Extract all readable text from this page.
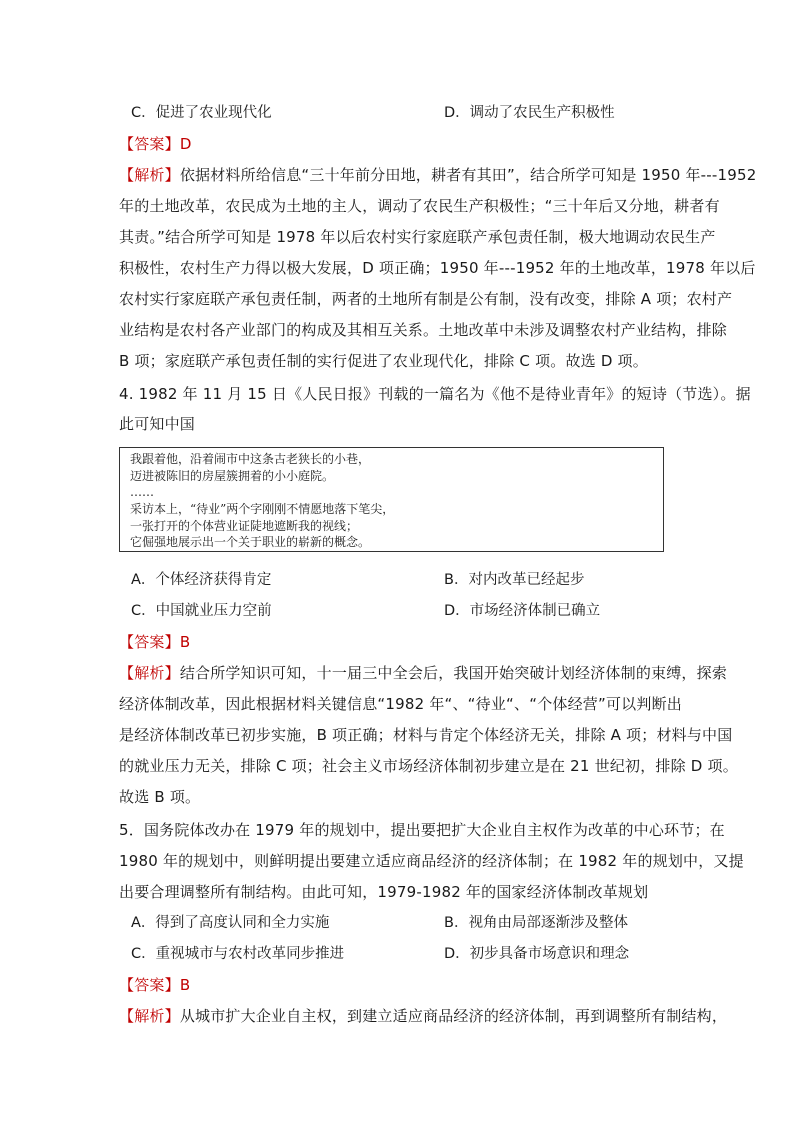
C．促进了农业现代化	D．调动了农民生产积极性
【答案】D
【解析】依据材料所给信息“三十年前分田地，耕者有其田”，结合所学可知是 1950 年---1952
年的土地改革，农民成为土地的主人，调动了农民生产积极性；“三十年后又分地，耕者有
其责。”结合所学可知是 1978 年以后农村实行家庭联产承包责任制，极大地调动农民生产
积极性，农村生产力得以极大发展，D 项正确；1950 年---1952 年的土地改革，1978 年以后
农村实行家庭联产承包责任制，两者的土地所有制是公有制，没有改变，排除 A 项；农村产
业结构是农村各产业部门的构成及其相互关系。土地改革中未涉及调整农村产业结构，排除
B 项；家庭联产承包责任制的实行促进了农业现代化，排除 C 项。故选 D 项。
4. 1982 年 11 月 15 日《人民日报》刊载的一篇名为《他不是待业青年》的短诗（节选）。据
此可知中国
我跟着他，沿着闹市中这条古老狭长的小巷，
迈进被陈旧的房屋簇拥着的小小庭院。
……
采访本上，“待业”两个字刚刚不情愿地落下笔尖，
一张打开的个体营业证陡地遮断我的视线；
它倔强地展示出一个关于职业的崭新的概念。
A．个体经济获得肯定	B．对内改革已经起步
C．中国就业压力空前	D．市场经济体制已确立
【答案】B
【解析】结合所学知识可知，十一届三中全会后，我国开始突破计划经济体制的束缚，探索
经济体制改革，因此根据材料关键信息“1982 年“、“待业“、“个体经营”可以判断出
是经济体制改革已初步实施，B 项正确；材料与肯定个体经济无关，排除 A 项；材料与中国
的就业压力无关，排除 C 项；社会主义市场经济体制初步建立是在 21 世纪初，排除 D 项。
故选 B 项。
5．国务院体改办在 1979 年的规划中，提出要把扩大企业自主权作为改革的中心环节；在
1980 年的规划中，则鲜明提出要建立适应商品经济的经济体制；在 1982 年的规划中，又提
出要合理调整所有制结构。由此可知，1979-1982 年的国家经济体制改革规划
A．得到了高度认同和全力实施	B．视角由局部逐渐涉及整体
C．重视城市与农村改革同步推进	D．初步具备市场意识和理念
【答案】B
【解析】从城市扩大企业自主权，到建立适应商品经济的经济体制，再到调整所有制结构，
